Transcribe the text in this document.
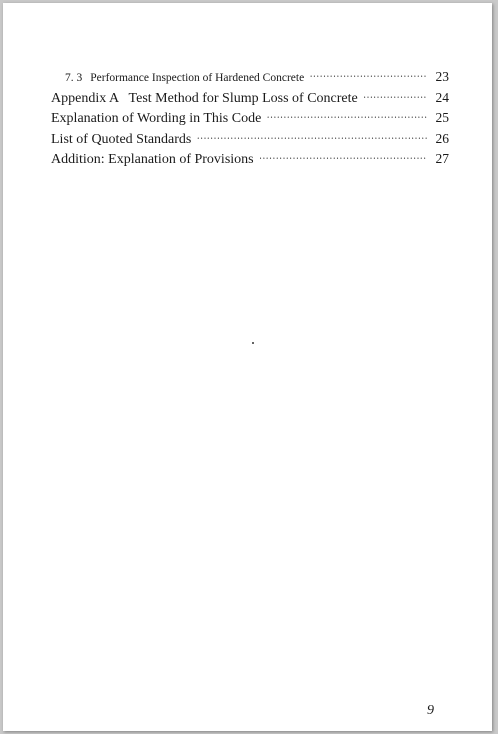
7. 3 Performance Inspection of Hardened Concrete •••••	23
Appendix A   Test Method for Slump Loss of Concrete •••••	24
Explanation of Wording in This Code •••••	25
List of Quoted Standards •••••	26
Addition: Explanation of Provisions •••••	27
9
